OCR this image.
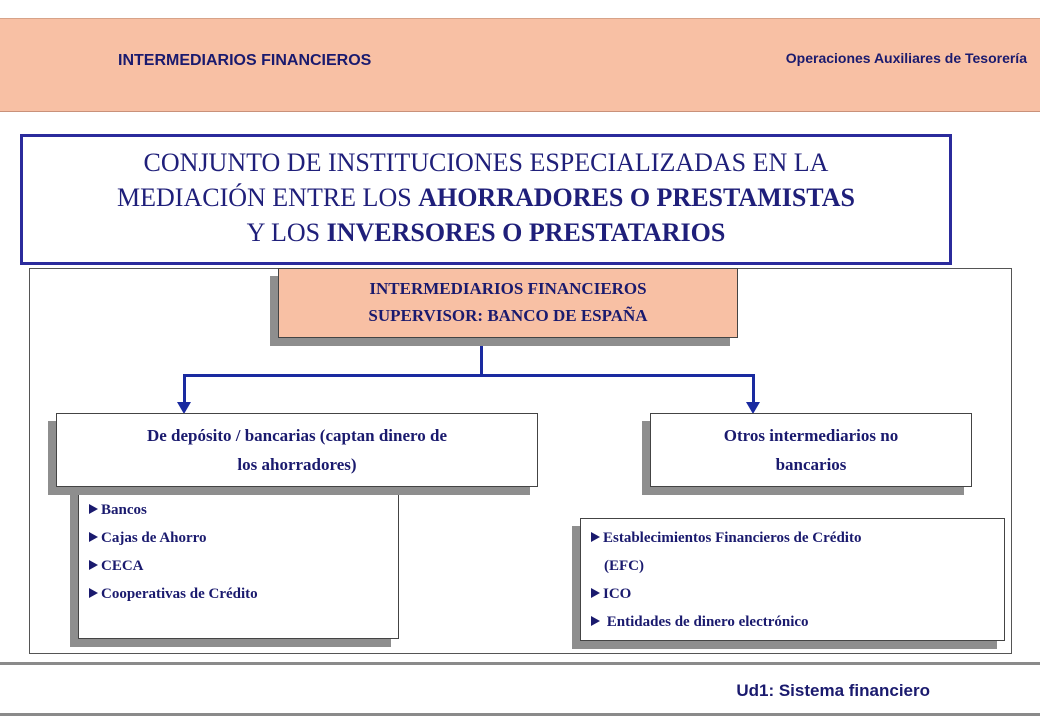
INTERMEDIARIOS FINANCIEROS	Operaciones Auxiliares de Tesorería
CONJUNTO DE INSTITUCIONES ESPECIALIZADAS EN LA
MEDIACIÓN ENTRE LOS AHORRADORES O PRESTAMISTAS
Y LOS INVERSORES O PRESTATARIOS
INTERMEDIARIOS FINANCIEROS
SUPERVISOR: BANCO DE ESPAÑA
Bancos
Cajas de Ahorro
CECA
Cooperativas de Crédito
De depósito / bancarias (captan dinero de
los ahorradores)
Otros intermediarios no
bancarios
Establecimientos Financieros de Crédito
(EFC)
ICO
Entidades de dinero electrónico
Ud1: Sistema financiero
